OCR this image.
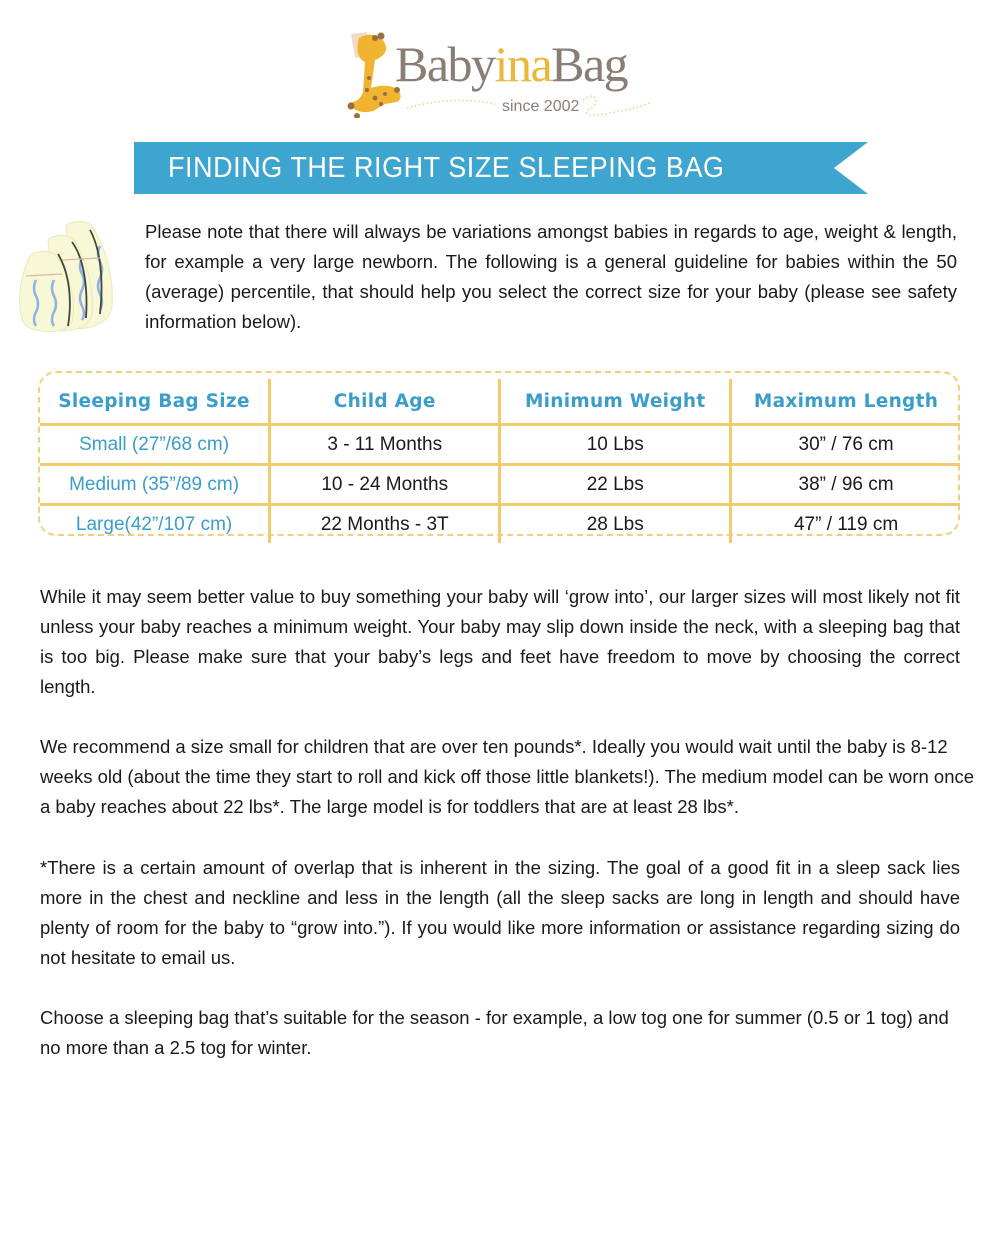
BabyinaBag
since 2002
FINDING THE RIGHT SIZE SLEEPING BAG
Please note that there will always be variations amongst babies in regards to age, weight & length, for example a very large newborn. The following is a general guideline for babies within the 50 (average) percentile, that should help you select the correct size for your baby (please see safety information below).
Sleeping Bag Size	Child Age	Minimum Weight	Maximum Length
Small (27”/68 cm)	3 - 11 Months	10 Lbs	30” / 76 cm
Medium (35”/89 cm)	10 - 24 Months	22 Lbs	38” / 96 cm
Large(42”/107 cm)	22 Months - 3T	28 Lbs	47” / 119 cm
While it may seem better value to buy something your baby will ‘grow into’, our larger sizes will most likely not fit unless your baby reaches a minimum weight. Your baby may slip down inside the neck, with a sleeping bag that is too big. Please make sure that your baby’s legs and feet have freedom to move by choosing the correct length.
We recommend a size small for children that are over ten pounds*. Ideally you would wait until the baby is 8-12 weeks old (about the time they start to roll and kick off those little blankets!). The medium model can be worn once a baby reaches about 22 lbs*. The large model is for toddlers that are at least 28 lbs*.
*There is a certain amount of overlap that is inherent in the sizing. The goal of a good fit in a sleep sack lies more in the chest and neckline and less in the length (all the sleep sacks are long in length and should have plenty of room for the baby to “grow into.”). If you would like more information or assistance regarding sizing do not hesitate to email us.
Choose a sleeping bag that’s suitable for the season - for example, a low tog one for summer (0.5 or 1 tog) and no more than a 2.5 tog for winter.
